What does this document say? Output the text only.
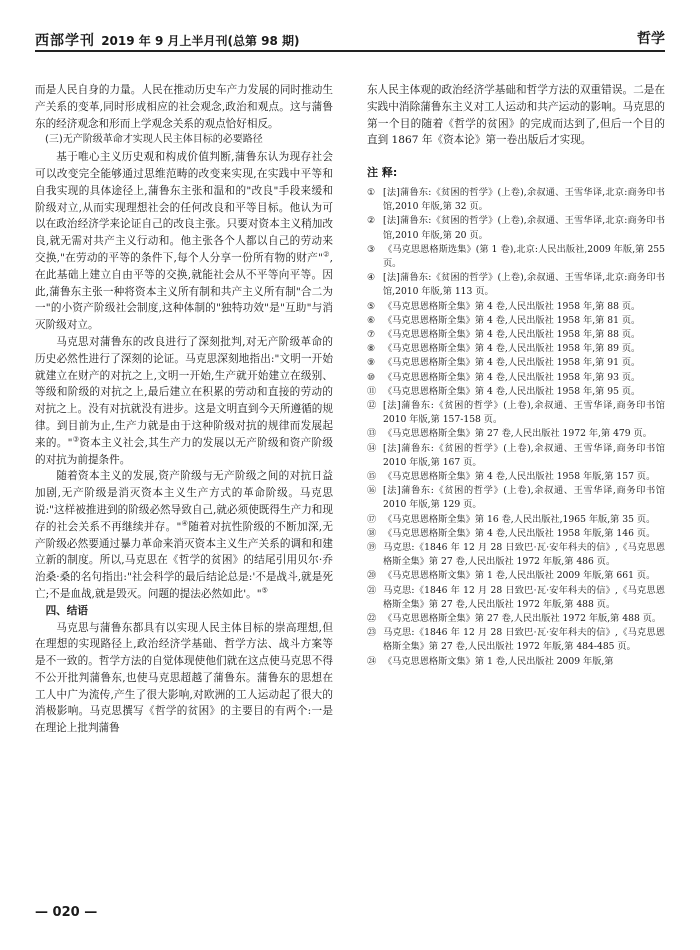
西部学刊 2019 年 9 月上半月刊(总第 98 期)	哲学

而是人民自身的力量。人民在推动历史车产力发展的同时推动生产关系的变革,同时形成相应的社会观念,政治和观点。这与蒲鲁东的经济观念和形而上学观念关系的观点恰好相反。

(三)无产阶级革命才实现人民主体目标的必要路径

基于唯心主义历史观和构成价值判断,蒲鲁东认为现存社会可以改变完全能够通过思维范畴的改变来实现,在实践中平等和自我实现的具体途径上,蒲鲁东主张和温和的"改良"手段来缓和阶级对立,从而实现理想社会的任何改良和平等目标。他认为可以在政治经济学来论证自己的改良主张。只要对资本主义稍加改良,就无需对共产主义行动和。他主张各个人都以自己的劳动来交换,"在劳动的平等的条件下,每个人分享一份所有物的财产"②,在此基础上建立自由平等的交换,就能社会从不平等向平等。因此,蒲鲁东主张一种将资本主义所有制和共产主义所有制"合二为一"的小资产阶级社会制度,这种体制的"独特功效"是"互助"与消灭阶级对立。

马克思对蒲鲁东的改良进行了深刻批判,对无产阶级革命的历史必然性进行了深刻的论证。马克思深刻地指出:"文明一开始就建立在财产的对抗之上,文明一开始,生产就开始建立在级别、等级和阶级的对抗之上,最后建立在积累的劳动和直接的劳动的对抗之上。没有对抗就没有进步。这是文明直到今天所遵循的规律。到目前为止,生产力就是由于这种阶级对抗的规律而发展起来的。"③资本主义社会,其生产力的发展以无产阶级和资产阶级的对抗为前提条件。

随着资本主义的发展,资产阶级与无产阶级之间的对抗日益加剧,无产阶级是消灭资本主义生产方式的革命阶级。马克思说:"这样被推进到的阶级必然导致自己,就必须使既得生产力和现存的社会关系不再继续并存。"④随着对抗性阶级的不断加深,无产阶级必然要通过暴力革命来消灭资本主义生产关系的调和和建立新的制度。所以,马克思在《哲学的贫困》的结尾引用贝尔·乔治桑·桑的名句指出:"社会科学的最后结论总是:'不是战斗,就是死亡;不是血战,就是毁灭。问题的提法必然如此'。"⑤

四、结语

马克思与蒲鲁东都具有以实现人民主体目标的崇高理想,但在理想的实现路径上,政治经济学基础、哲学方法、战斗方案等是不一致的。哲学方法的自觉体现使他们就在这点使马克思不得不公开批判蒲鲁东,也使马克思超越了蒲鲁东。蒲鲁东的思想在工人中广为流传,产生了很大影响,对欧洲的工人运动起了很大的消极影响。马克思撰写《哲学的贫困》的主要目的有两个:一是在理论上批判蒲鲁

东人民主体观的政治经济学基础和哲学方法的双重错误。二是在实践中消除蒲鲁东主义对工人运动和共产运动的影响。马克思的第一个目的随着《哲学的贫困》的完成而达到了,但后一个目的直到 1867 年《资本论》第一卷出版后才实现。

注 释:
① [法]蒲鲁东:《贫困的哲学》(上卷),余叔通、王雪华译,北京:商务印书馆,2010 年版,第 32 页。
② [法]蒲鲁东:《贫困的哲学》(上卷),余叔通、王雪华译,北京:商务印书馆,2010 年版,第 20 页。
③ 《马克思恩格斯选集》(第 1 卷),北京:人民出版社,2009 年版,第 255 页。
④ [法]蒲鲁东:《贫困的哲学》(上卷),余叔通、王雪华译,北京:商务印书馆,2010 年版,第 113 页。
⑤ 《马克思恩格斯全集》第 4 卷,人民出版社 1958 年,第 88 页。
⑥ 《马克思恩格斯全集》第 4 卷,人民出版社 1958 年,第 81 页。
⑦ 《马克思恩格斯全集》第 4 卷,人民出版社 1958 年,第 88 页。
⑧ 《马克思恩格斯全集》第 4 卷,人民出版社 1958 年,第 89 页。
⑨ 《马克思恩格斯全集》第 4 卷,人民出版社 1958 年,第 91 页。
⑩ 《马克思恩格斯全集》第 4 卷,人民出版社 1958 年,第 93 页。
⑪ 《马克思恩格斯全集》第 4 卷,人民出版社 1958 年,第 95 页。
⑫ [法]蒲鲁东:《贫困的哲学》(上卷),余叔通、王雪华译,商务印书馆 2010 年版,第 157-158 页。
⑬ 《马克思恩格斯全集》第 27 卷,人民出版社 1972 年,第 479 页。
⑭ [法]蒲鲁东:《贫困的哲学》(上卷),余叔通、王雪华译,商务印书馆 2010 年版,第 167 页。
⑮ 《马克思恩格斯全集》第 4 卷,人民出版社 1958 年版,第 157 页。
⑯ [法]蒲鲁东:《贫困的哲学》(上卷),余叔通、王雪华译,商务印书馆 2010 年版,第 129 页。
⑰ 《马克思恩格斯全集》第 16 卷,人民出版社,1965 年版,第 35 页。
⑱ 《马克思恩格斯全集》第 4 卷,人民出版社 1958 年版,第 146 页。
⑲ 马克思:《1846 年 12 月 28 日致巴·瓦·安年科夫的信》,《马克思恩格斯全集》第 27 卷,人民出版社 1972 年版,第 486 页。
⑳ 《马克思恩格斯文集》第 1 卷,人民出版社 2009 年版,第 661 页。
㉑ 马克思:《1846 年 12 月 28 日致巴·瓦·安年科夫的信》,《马克思恩格斯全集》第 27 卷,人民出版社 1972 年版,第 488 页。
㉒ 《马克思恩格斯全集》第 27 卷,人民出版社 1972 年版,第 488 页。
㉓ 马克思:《1846 年 12 月 28 日致巴·瓦·安年科夫的信》,《马克思恩格斯全集》第 27 卷,人民出版社 1972 年版,第 484-485 页。
㉔ 《马克思恩格斯文集》第 1 卷,人民出版社 2009 年版,第
— 020 —
